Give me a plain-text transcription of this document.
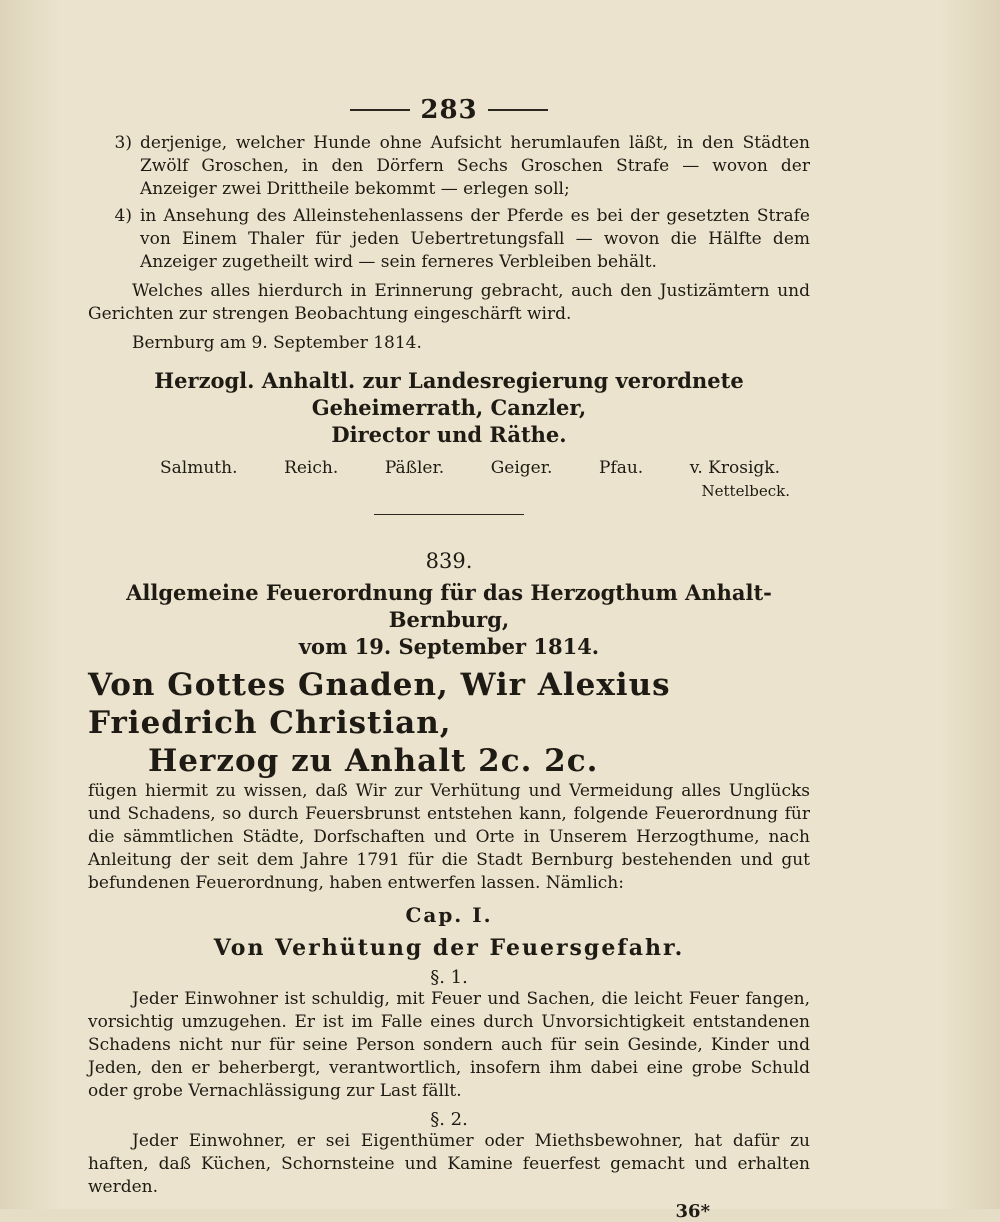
283
3) derjenige, welcher Hunde ohne Aufsicht herumlaufen läßt, in den Städten Zwölf Groschen, in den Dörfern Sechs Groschen Strafe — wovon der Anzeiger zwei Drittheile bekommt — erlegen soll;

4) in Ansehung des Alleinstehenlassens der Pferde es bei der gesetzten Strafe von Einem Thaler für jeden Uebertretungsfall — wovon die Hälfte dem Anzeiger zugetheilt wird — sein ferneres Verbleiben behält.

Welches alles hierdurch in Erinnerung gebracht, auch den Justizämtern und Gerichten zur strengen Beobachtung eingeschärft wird.

Bernburg am 9. September 1814.

Herzogl. Anhaltl. zur Landesregierung verordnete Geheimerrath, Canzler,
Director und Räthe.
Salmuth.	Reich.	Päßler.	Geiger.	Pfau.	v. Krosigk.
Nettelbeck.
839.
Allgemeine Feuerordnung für das Herzogthum Anhalt-Bernburg,
vom 19. September 1814.
Von Gottes Gnaden, Wir Alexius Friedrich Christian,
Herzog zu Anhalt 2c. 2c.

fügen hiermit zu wissen, daß Wir zur Verhütung und Vermeidung alles Unglücks und Schadens, so durch Feuersbrunst entstehen kann, folgende Feuerordnung für die sämmtlichen Städte, Dorfschaften und Orte in Unserem Herzogthume, nach Anleitung der seit dem Jahre 1791 für die Stadt Bernburg bestehenden und gut befundenen Feuerordnung, haben entwerfen lassen. Nämlich:

Cap. I.
Von Verhütung der Feuersgefahr.
§. 1.

Jeder Einwohner ist schuldig, mit Feuer und Sachen, die leicht Feuer fangen, vorsichtig umzugehen. Er ist im Falle eines durch Unvorsichtigkeit entstandenen Schadens nicht nur für seine Person sondern auch für sein Gesinde, Kinder und Jeden, den er beherbergt, verantwortlich, insofern ihm dabei eine grobe Schuld oder grobe Vernachlässigung zur Last fällt.

§. 2.

Jeder Einwohner, er sei Eigenthümer oder Miethsbewohner, hat dafür zu haften, daß Küchen, Schornsteine und Kamine feuerfest gemacht und erhalten werden.

36*
